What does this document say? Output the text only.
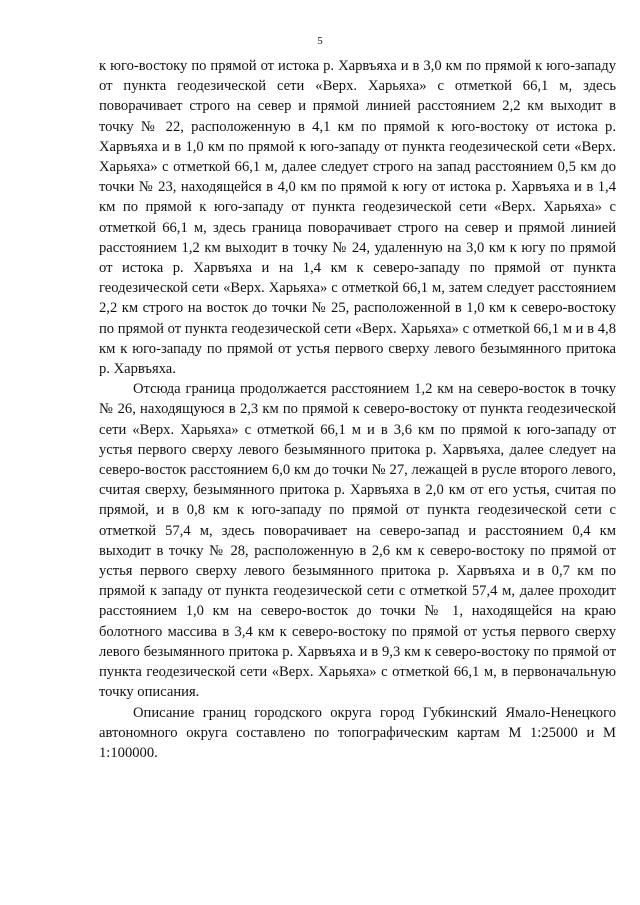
5

к юго-востоку по прямой от истока р. Харвъяха и в 3,0 км по прямой к юго-западу от пункта геодезической сети «Верх. Харьяха» с отметкой 66,1 м, здесь поворачивает строго на север и прямой линией расстоянием 2,2 км выходит в точку № 22, расположенную в 4,1 км по прямой к юго-востоку от истока р. Харвъяха и в 1,0 км по прямой к юго-западу от пункта геодезической сети «Верх. Харьяха» с отметкой 66,1 м, далее следует строго на запад расстоянием 0,5 км до точки № 23, находящейся в 4,0 км по прямой к югу от истока р. Харвъяха и в 1,4 км по прямой к юго-западу от пункта геодезической сети «Верх. Харьяха» с отметкой 66,1 м, здесь граница поворачивает строго на север и прямой линией расстоянием 1,2 км выходит в точку № 24, удаленную на 3,0 км к югу по прямой от истока р. Харвъяха и на 1,4 км к северо-западу по прямой от пункта геодезической сети «Верх. Харьяха» с отметкой 66,1 м, затем следует расстоянием 2,2 км строго на восток до точки № 25, расположенной в 1,0 км к северо-востоку по прямой от пункта геодезической сети «Верх. Харьяха» с отметкой 66,1 м и в 4,8 км к юго-западу по прямой от устья первого сверху левого безымянного притока р. Харвъяха.

Отсюда граница продолжается расстоянием 1,2 км на северо-восток в точку № 26, находящуюся в 2,3 км по прямой к северо-востоку от пункта геодезической сети «Верх. Харьяха» с отметкой 66,1 м и в 3,6 км по прямой к юго-западу от устья первого сверху левого безымянного притока р. Харвъяха, далее следует на северо-восток расстоянием 6,0 км до точки № 27, лежащей в русле второго левого, считая сверху, безымянного притока р. Харвъяха в 2,0 км от его устья, считая по прямой, и в 0,8 км к юго-западу по прямой от пункта геодезической сети с отметкой 57,4 м, здесь поворачивает на северо-запад и расстоянием 0,4 км выходит в точку № 28, расположенную в 2,6 км к северо-востоку по прямой от устья первого сверху левого безымянного притока р. Харвъяха и в 0,7 км по прямой к западу от пункта геодезической сети с отметкой 57,4 м, далее проходит расстоянием 1,0 км на северо-восток до точки № 1, находящейся на краю болотного массива в 3,4 км к северо-востоку по прямой от устья первого сверху левого безымянного притока р. Харвъяха и в 9,3 км к северо-востоку по прямой от пункта геодезической сети «Верх. Харьяха» с отметкой 66,1 м, в первоначальную точку описания.

Описание границ городского округа город Губкинский Ямало-Ненецкого автономного округа составлено по топографическим картам М 1:25000 и М 1:100000.
